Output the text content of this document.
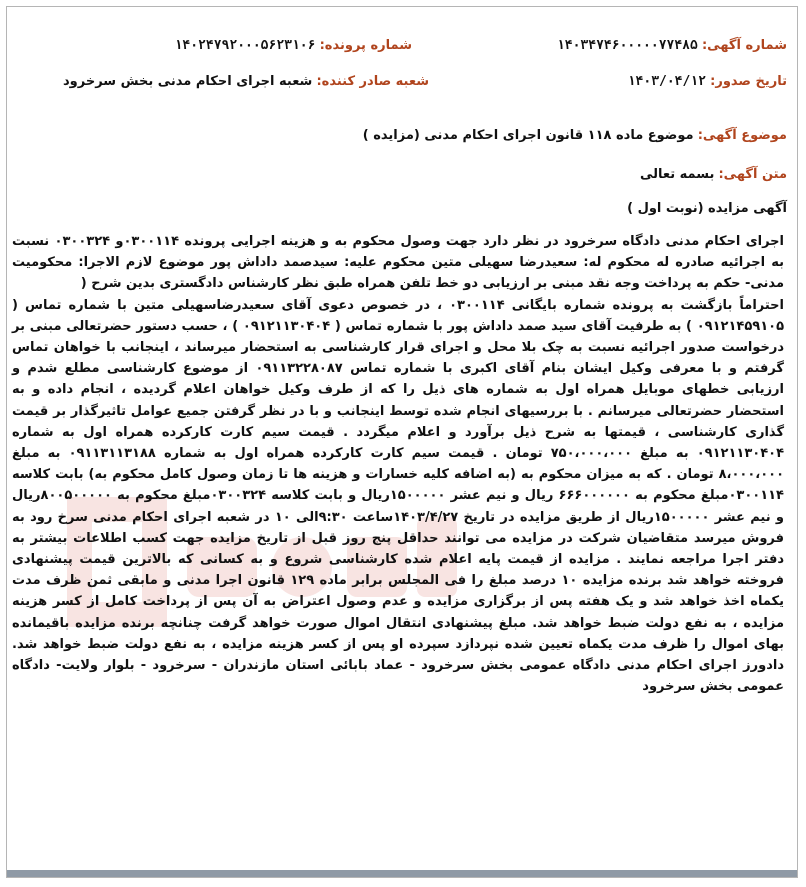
شماره آگهی: ۱۴۰۳۴۷۴۶۰۰۰۰۰۷۷۴۸۵
شماره پرونده: ۱۴۰۲۴۷۹۲۰۰۰۵۶۲۳۱۰۶
تاریخ صدور: ۱۴۰۳/۰۴/۱۲
شعبه صادر کننده: شعبه اجرای احکام مدنی بخش سرخرود
موضوع آگهی: موضوع ماده ۱۱۸ قانون اجرای احکام مدنی (مزایده )
متن آگهی: بسمه تعالی
آگهی مزایده (نوبت اول )

اجرای احکام مدنی دادگاه سرخرود در نظر دارد جهت وصول محکوم به و هزینه اجرایی پرونده ۰۳۰۰۱۱۴و ۰۳۰۰۳۲۴ نسبت به اجرائیه صادره له محکوم له: سعیدرضا سهیلی متین محکوم علیه: سیدصمد داداش پور موضوع لازم الاجرا: محکومیت مدنی- حکم به پرداخت وجه نقد مبنی بر ارزیابی دو خط تلفن همراه طبق نظر کارشناس دادگستری بدین شرح (

احتراماً بازگشت به پرونده شماره بایگانی ۰۳۰۰۱۱۴ ، در خصوص دعوی آقای سعیدرضاسهیلی متین با شماره تماس ( ۰۹۱۲۱۴۵۹۱۰۵ ) به طرفیت آقای سید صمد داداش پور با شماره تماس ( ۰۹۱۲۱۱۳۰۴۰۴ ) ، حسب دستور حضرتعالی مبنی بر درخواست صدور اجرائیه نسبت به چک بلا محل و اجرای قرار کارشناسی به استحضار میرساند ، اینجانب با خواهان تماس گرفتم و با معرفی وکیل ایشان بنام آقای اکبری با شماره تماس ۰۹۱۱۳۲۲۸۰۸۷ از موضوع کارشناسی مطلع شدم و ارزیابی خطهای موبایل همراه اول به شماره های ذیل را که از طرف وکیل خواهان اعلام گردیده ، انجام داده و به استحضار حضرتعالی میرسانم . با بررسیهای انجام شده توسط اینجانب و با در نظر گرفتن جمیع عوامل تاثیرگذار بر قیمت گذاری کارشناسی ، قیمتها به شرح ذیل برآورد و اعلام میگردد . قیمت سیم کارت کارکرده همراه اول به شماره ۰۹۱۲۱۱۳۰۴۰۴ به مبلغ ۷۵۰،۰۰۰،۰۰۰ تومان . قیمت سیم کارت کارکرده همراه اول به شماره ۰۹۱۱۳۱۱۳۱۸۸ به مبلغ ۸،۰۰۰،۰۰۰ تومان . که به میزان محکوم به (به اضافه کلیه خسارات و هزینه ها تا زمان وصول کامل محکوم به) بابت کلاسه ۰۳۰۰۱۱۴مبلغ محکوم به ۶۶۶۰۰۰۰۰۰ ریال و نیم عشر ۱۵۰۰۰۰۰ریال و بابت کلاسه ۰۳۰۰۳۲۴مبلغ محکوم به ۸۰۰۵۰۰۰۰۰ریال و نیم عشر ۱۵۰۰۰۰۰ریال از طریق مزایده در تاریخ ۱۴۰۳/۴/۲۷ساعت ۹:۳۰الی ۱۰ در شعبه اجرای احکام مدنی سرخ رود به فروش میرسد متقاضیان شرکت در مزایده می توانند حداقل پنج روز قبل از تاریخ مزایده جهت کسب اطلاعات بیشتر به دفتر اجرا مراجعه نمایند . مزایده از قیمت پایه اعلام شده کارشناسی شروع و به کسانی که بالاترین قیمت پیشنهادی فروخته خواهد شد برنده مزایده ۱۰ درصد مبلغ را فی المجلس برابر ماده ۱۲۹ قانون اجرا مدنی و مابقی ثمن ظرف مدت یکماه اخذ خواهد شد و یک هفته پس از برگزاری مزایده و عدم وصول اعتراض به آن پس از پرداخت کامل از کسر هزینه مزایده ، به نفع دولت ضبط خواهد شد. مبلغ پیشنهادی انتقال اموال صورت خواهد گرفت چنانچه برنده مزایده باقیمانده بهای اموال را ظرف مدت یکماه تعیین شده نپردازد سپرده او پس از کسر هزینه مزایده ، به نفع دولت ضبط خواهد شد. دادورز اجرای احکام مدنی دادگاه عمومی بخش سرخرود - عماد بابائی استان مازندران - سرخرود - بلوار ولایت- دادگاه عمومی بخش سرخرود
